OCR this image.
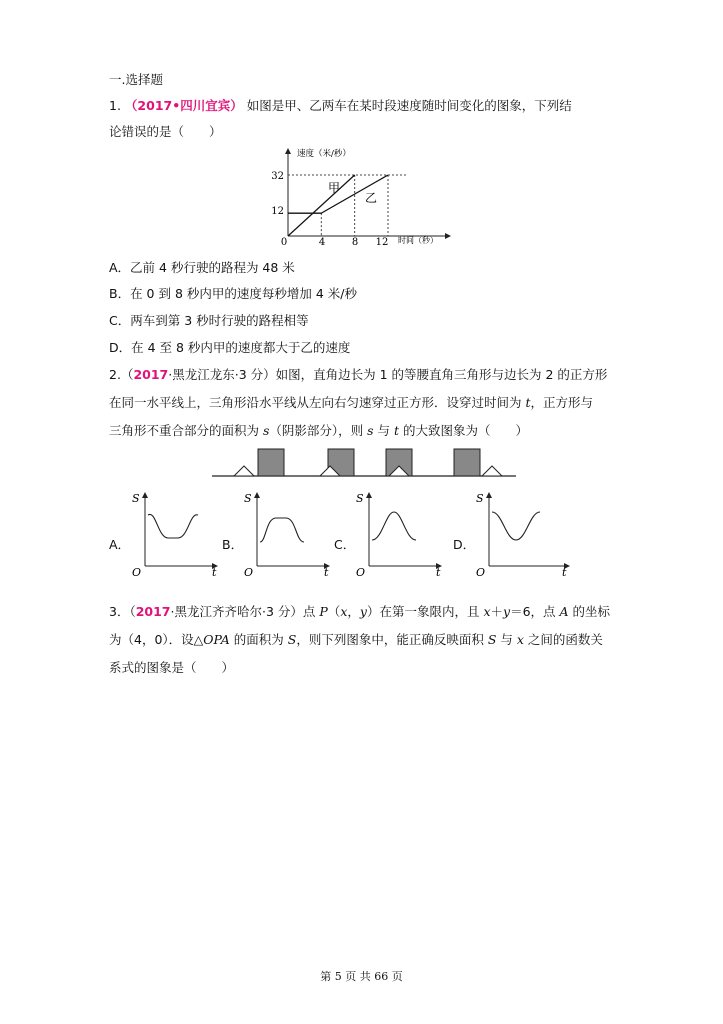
一.选择题
1. （2017•四川宜宾） 如图是甲、乙两车在某时段速度随时间变化的图象，下列结
论错误的是（　　）
速度（米/秒）
时间（秒）
0
12
32
4	8 12
甲
乙
A．乙前 4 秒行驶的路程为 48 米
B．在 0 到 8 秒内甲的速度每秒增加 4 米/秒
C．两车到第 3 秒时行驶的路程相等
D．在 4 至 8 秒内甲的速度都大于乙的速度
2.（2017·黑龙江龙东·3 分）如图，直角边长为 1 的等腰直角三角形与边长为 2 的正方形
在同一水平线上，三角形沿水平线从左向右匀速穿过正方形．设穿过时间为 t，正方形与
三角形不重合部分的面积为 s（阴影部分），则 s 与 t 的大致图象为（　　）
A．
S
O	t
B．
S
O	t
C．
S
O	t
D．
S
O	t
3．（2017·黑龙江齐齐哈尔·3 分）点 P（x，y）在第一象限内，且 x＋y＝6，点 A 的坐标
为（4，0）．设△OPA 的面积为 S，则下列图象中，能正确反映面积 S 与 x 之间的函数关
系式的图象是（　　）
第 5 页 共 66 页
